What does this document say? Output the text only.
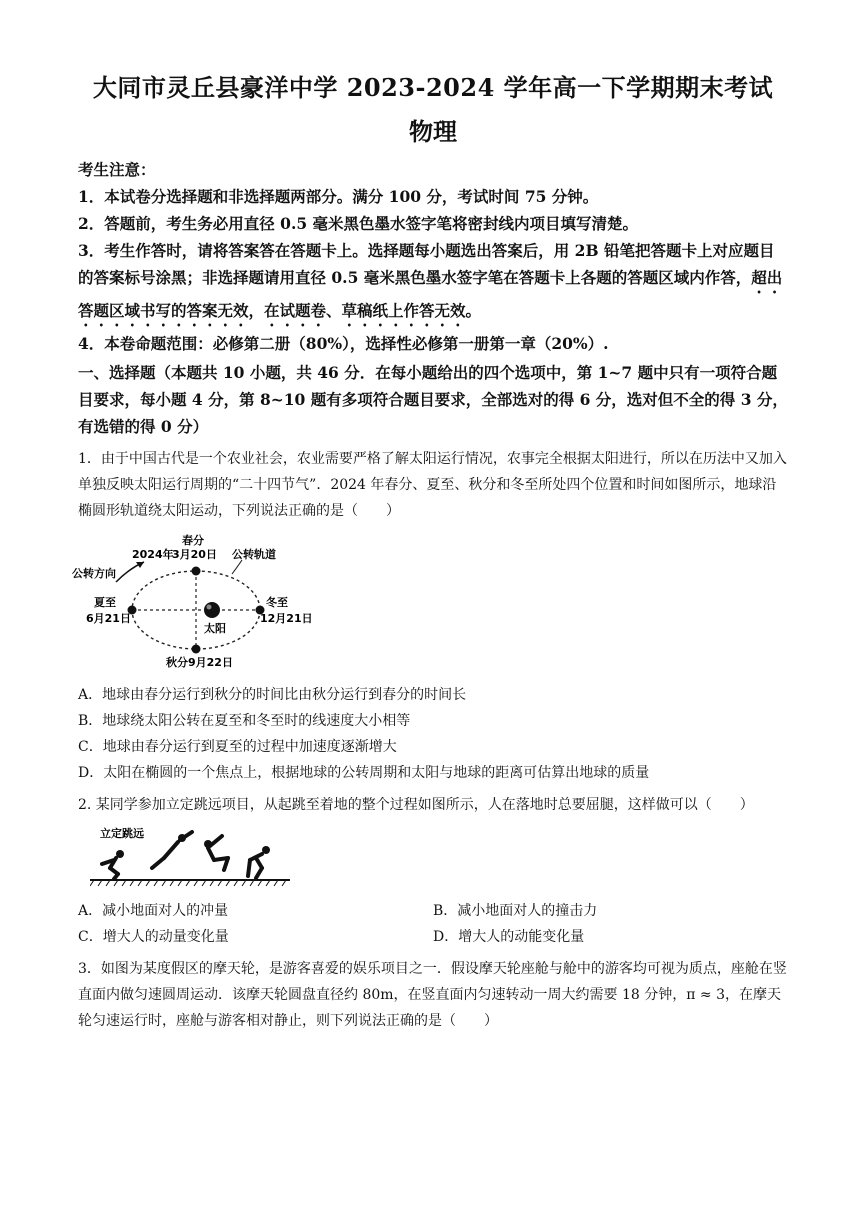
大同市灵丘县豪洋中学 2023-2024 学年高一下学期期末考试
物理

考生注意：

1．本试卷分选择题和非选择题两部分。满分 100 分，考试时间 75 分钟。

2．答题前，考生务必用直径 0.5 毫米黑色墨水签字笔将密封线内项目填写清楚。

3．考生作答时，请将答案答在答题卡上。选择题每小题选出答案后，用 2B 铅笔把答题卡上对应题目的答案标号涂黑；非选择题请用直径 0.5 毫米黑色墨水签字笔在答题卡上各题的答题区域内作答，超出答题区域书写的答案无效，在试题卷、草稿纸上作答无效。

4．本卷命题范围：必修第二册（80%），选择性必修第一册第一章（20%）.

一、选择题（本题共 10 小题，共 46 分．在每小题给出的四个选项中，第 1~7 题中只有一项符合题目要求，每小题 4 分，第 8~10 题有多项符合题目要求，全部选对的得 6 分，选对但不全的得 3 分，有选错的得 0 分）

1．由于中国古代是一个农业社会，农业需要严格了解太阳运行情况，农事完全根据太阳进行，所以在历法中又加入单独反映太阳运行周期的“二十四节气”．2024 年春分、夏至、秋分和冬至所处四个位置和时间如图所示，地球沿椭圆形轨道绕太阳运动，下列说法正确的是（　　）

春分
2024年
3月20日 公转轨道
公转方向
夏至
6月21日
太阳
冬至
12月21日
秋分9月22日

A．地球由春分运行到秋分的时间比由秋分运行到春分的时间长

B．地球绕太阳公转在夏至和冬至时的线速度大小相等

C．地球由春分运行到夏至的过程中加速度逐渐增大

D．太阳在椭圆的一个焦点上，根据地球的公转周期和太阳与地球的距离可估算出地球的质量

2. 某同学参加立定跳远项目，从起跳至着地的整个过程如图所示，人在落地时总要屈腿，这样做可以（　　）

立定跳远

A．减小地面对人的冲量	B．减小地面对人的撞击力

C．增大人的动量变化量	D．增大人的动能变化量

3．如图为某度假区的摩天轮，是游客喜爱的娱乐项目之一．假设摩天轮座舱与舱中的游客均可视为质点，座舱在竖直面内做匀速圆周运动．该摩天轮圆盘直径约 80m，在竖直面内匀速转动一周大约需要 18 分钟，π ≈ 3，在摩天轮匀速运行时，座舱与游客相对静止，则下列说法正确的是（　　）
